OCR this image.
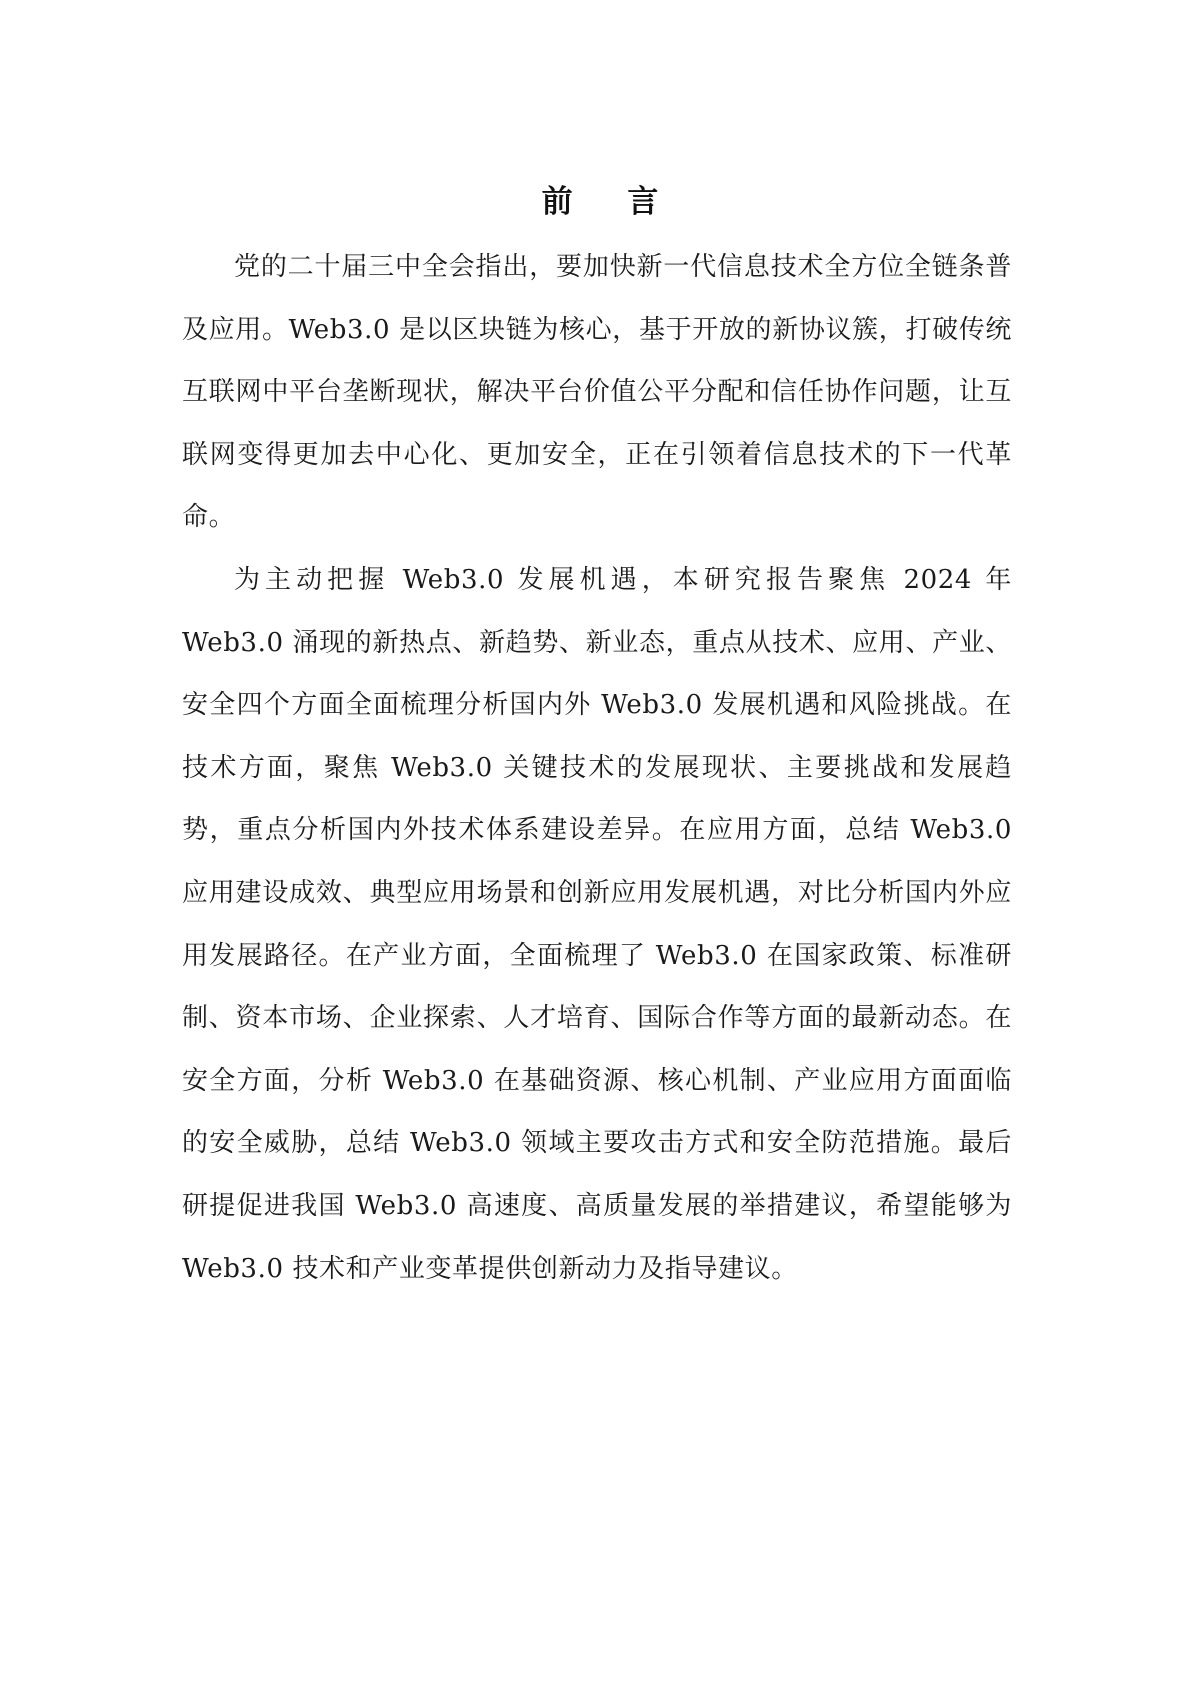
前 言

党的二十届三中全会指出，要加快新一代信息技术全方位全链条普及应用。Web3.0 是以区块链为核心，基于开放的新协议簇，打破传统互联网中平台垄断现状，解决平台价值公平分配和信任协作问题，让互联网变得更加去中心化、更加安全，正在引领着信息技术的下一代革命。

为主动把握 Web3.0 发展机遇，本研究报告聚焦 2024 年 Web3.0 涌现的新热点、新趋势、新业态，重点从技术、应用、产业、安全四个方面全面梳理分析国内外 Web3.0 发展机遇和风险挑战。在技术方面，聚焦 Web3.0 关键技术的发展现状、主要挑战和发展趋势，重点分析国内外技术体系建设差异。在应用方面，总结 Web3.0 应用建设成效、典型应用场景和创新应用发展机遇，对比分析国内外应用发展路径。在产业方面，全面梳理了 Web3.0 在国家政策、标准研制、资本市场、企业探索、人才培育、国际合作等方面的最新动态。在安全方面，分析 Web3.0 在基础资源、核心机制、产业应用方面面临的安全威胁，总结 Web3.0 领域主要攻击方式和安全防范措施。最后研提促进我国 Web3.0 高速度、高质量发展的举措建议，希望能够为 Web3.0 技术和产业变革提供创新动力及指导建议。
